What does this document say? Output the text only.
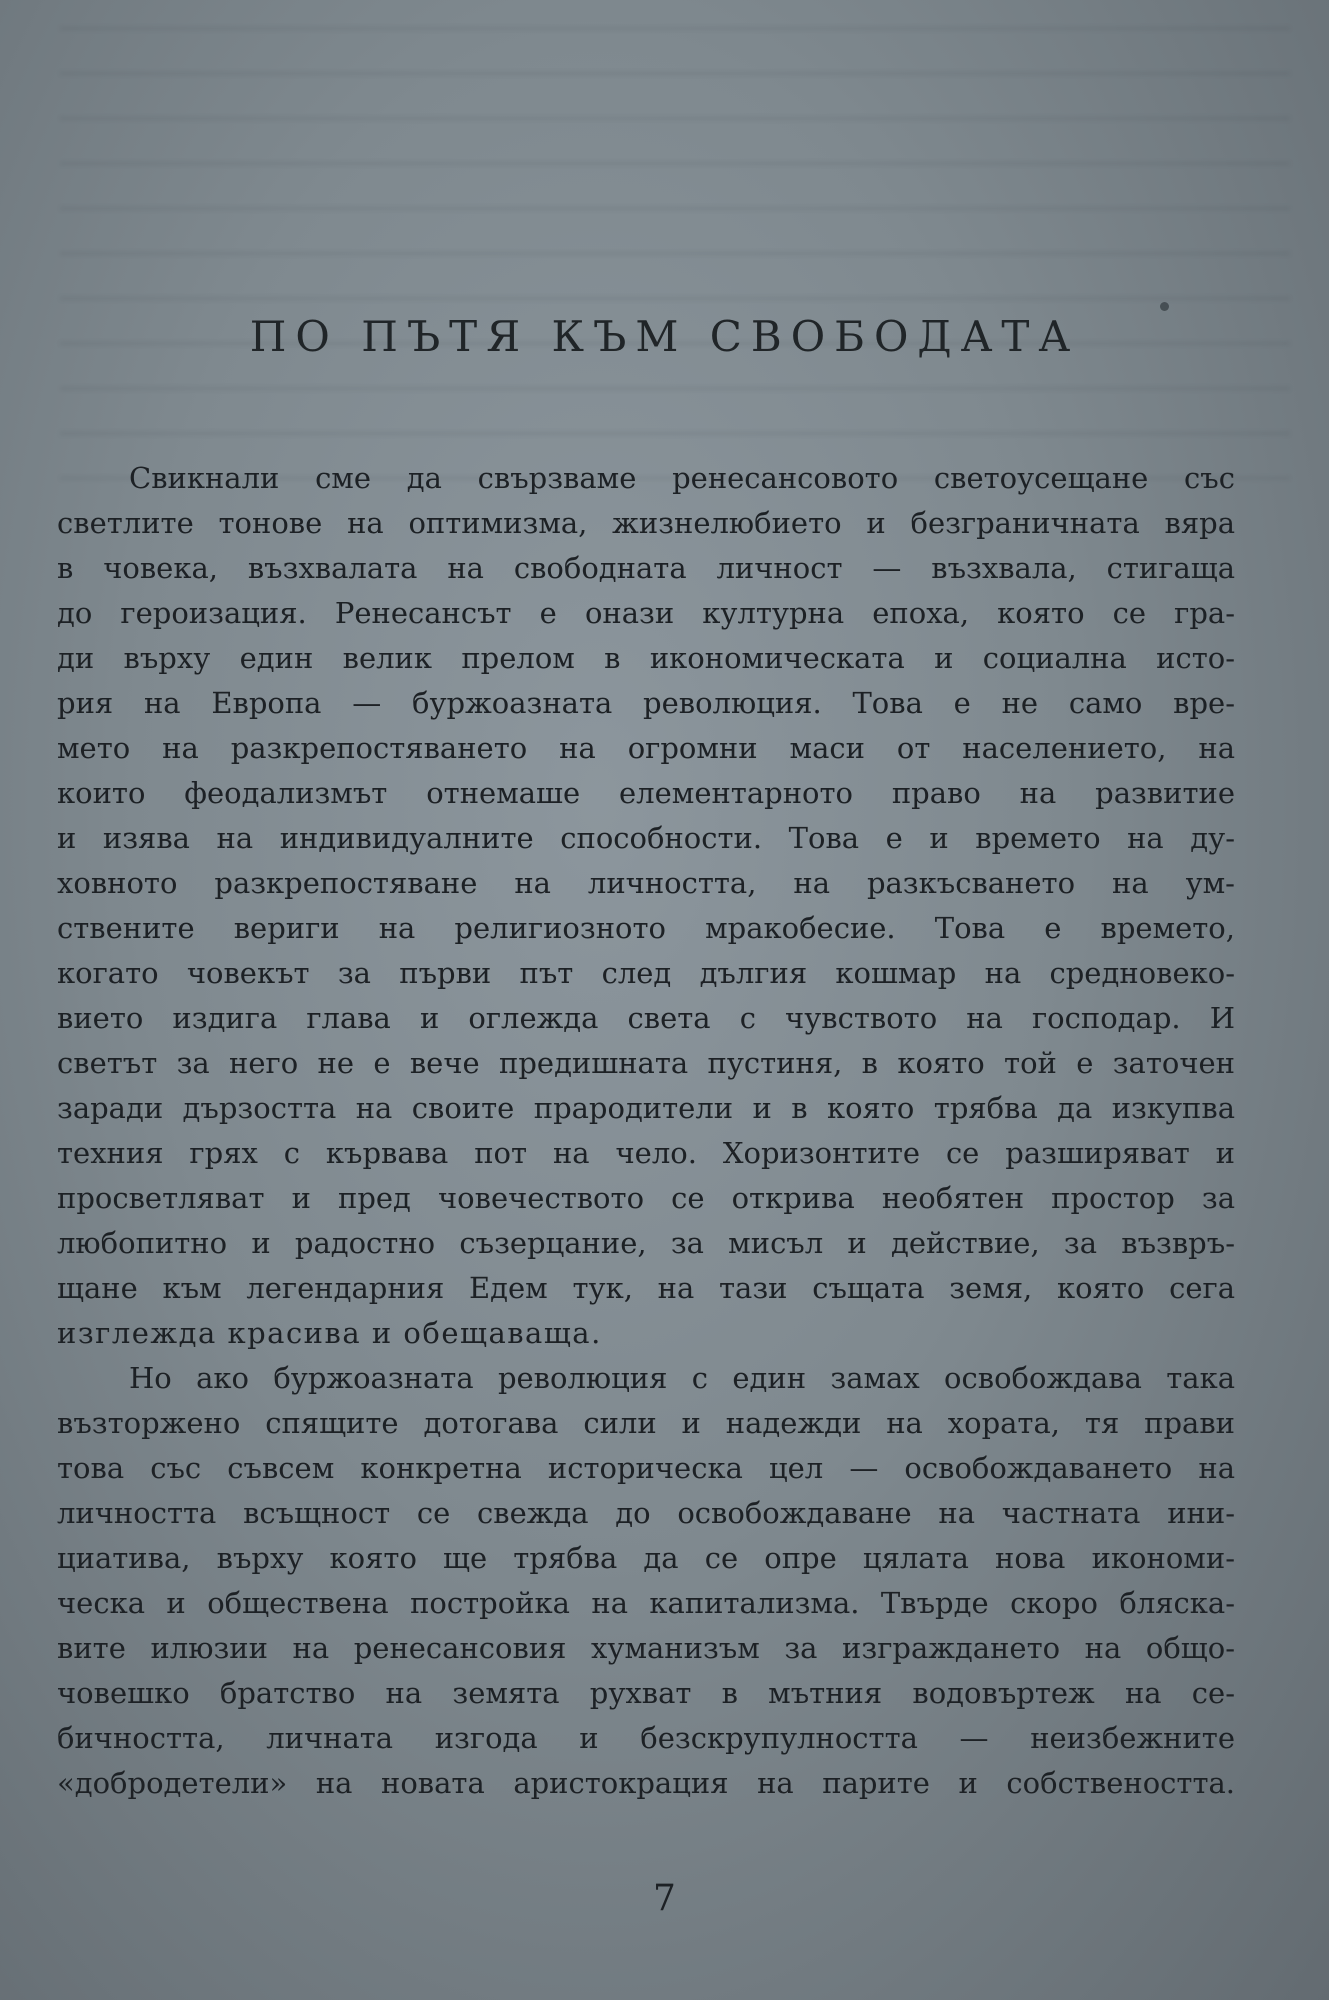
ПО ПЪТЯ КЪМ СВОБОДАТА
Свикнали сме да свързваме ренесансовото светоусещане със
светлите тонове на оптимизма, жизнелюбието и безграничната вяра
в човека, възхвалата на свободната личност — възхвала, стигаща
до героизация. Ренесансът е онази културна епоха, която се гра-
ди върху един велик прелом в икономическата и социална исто-
рия на Европа — буржоазната революция. Това е не само вре-
мето на разкрепостяването на огромни маси от населението, на
които феодализмът отнемаше елементарното право на развитие
и изява на индивидуалните способности. Това е и времето на ду-
ховното разкрепостяване на личността, на разкъсването на ум-
ствените вериги на религиозното мракобесие. Това е времето,
когато човекът за първи път след дългия кошмар на средновеко-
вието издига глава и оглежда света с чувството на господар. И
светът за него не е вече предишната пустиня, в която той е заточен
заради дързостта на своите прародители и в която трябва да изкупва
техния грях с кървава пот на чело. Хоризонтите се разширяват и
просветляват и пред човечеството се открива необятен простор за
любопитно и радостно съзерцание, за мисъл и действие, за възвръ-
щане към легендарния Едем тук, на тази същата земя, която сега
изглежда красива и обещаваща.
Но ако буржоазната революция с един замах освобождава така
възторжено спящите дотогава сили и надежди на хората, тя прави
това със съвсем конкретна историческа цел — освобождаването на
личността всъщност се свежда до освобождаване на частната ини-
циатива, върху която ще трябва да се опре цялата нова икономи-
ческа и обществена постройка на капитализма. Твърде скоро бляска-
вите илюзии на ренесансовия хуманизъм за изграждането на общо-
човешко братство на земята рухват в мътния водовъртеж на се-
бичността, личната изгода и безскрупулността — неизбежните
«добродетели» на новата аристокрация на парите и собствеността.
7
